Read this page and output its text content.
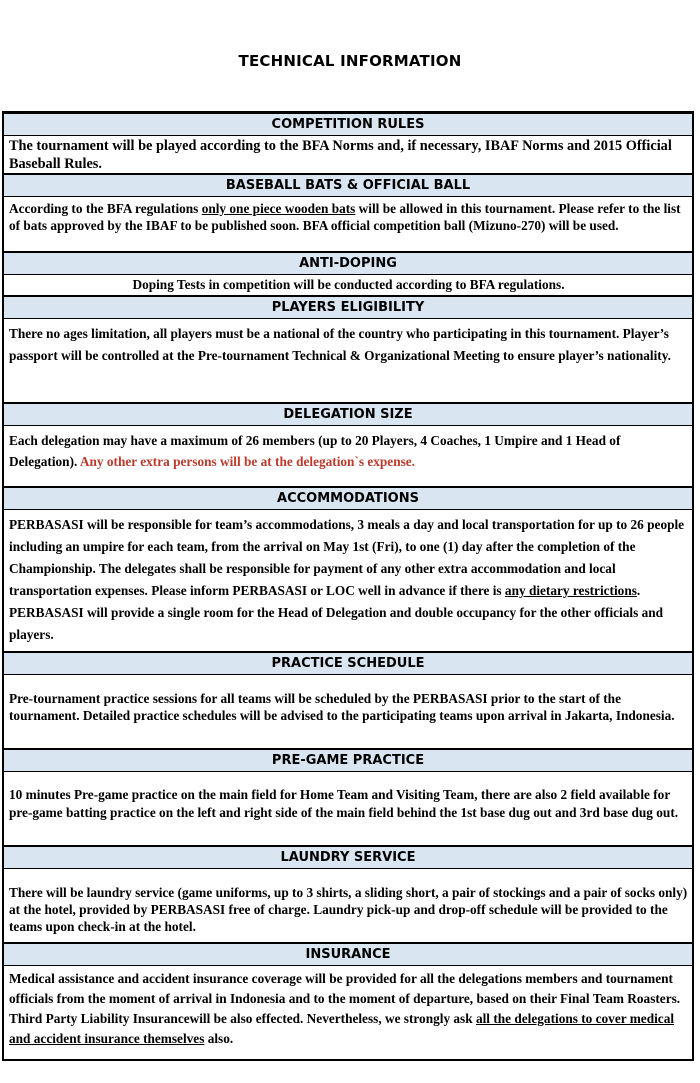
TECHNICAL INFORMATION
COMPETITION RULES

The tournament will be played according to the BFA Norms and, if necessary, IBAF Norms and 2015 Official Baseball Rules.

BASEBALL BATS & OFFICIAL BALL

According to the BFA regulations only one piece wooden bats will be allowed in this tournament. Please refer to the list of bats approved by the IBAF to be published soon. BFA official competition ball (Mizuno-270) will be used.

ANTI-DOPING

Doping Tests in competition will be conducted according to BFA regulations.

PLAYERS ELIGIBILITY

There no ages limitation, all players must be a national of the country who participating in this tournament. Player’s passport will be controlled at the Pre-tournament Technical & Organizational Meeting to ensure player’s nationality.

DELEGATION SIZE

Each delegation may have a maximum of 26 members (up to 20 Players, 4 Coaches, 1 Umpire and 1 Head of Delegation). Any other extra persons will be at the delegation`s expense.

ACCOMMODATIONS

PERBASASI will be responsible for team’s accommodations, 3 meals a day and local transportation for up to 26 people including an umpire for each team, from the arrival on May 1st (Fri), to one (1) day after the completion of the Championship. The delegates shall be responsible for payment of any other extra accommodation and local transportation expenses. Please inform PERBASASI or LOC well in advance if there is any dietary restrictions. PERBASASI will provide a single room for the Head of Delegation and double occupancy for the other officials and players.

PRACTICE SCHEDULE

Pre-tournament practice sessions for all teams will be scheduled by the PERBASASI prior to the start of the tournament. Detailed practice schedules will be advised to the participating teams upon arrival in Jakarta, Indonesia.

PRE-GAME PRACTICE

10 minutes Pre-game practice on the main field for Home Team and Visiting Team, there are also 2 field available for pre-game batting practice on the left and right side of the main field behind the 1st base dug out and 3rd base dug out.

LAUNDRY SERVICE

There will be laundry service (game uniforms, up to 3 shirts, a sliding short, a pair of stockings and a pair of socks only) at the hotel, provided by PERBASASI free of charge. Laundry pick-up and drop-off schedule will be provided to the teams upon check-in at the hotel.

INSURANCE

Medical assistance and accident insurance coverage will be provided for all the delegations members and tournament officials from the moment of arrival in Indonesia and to the moment of departure, based on their Final Team Roasters. Third Party Liability Insurancewill be also effected. Nevertheless, we strongly ask all the delegations to cover medical and accident insurance themselves also.
